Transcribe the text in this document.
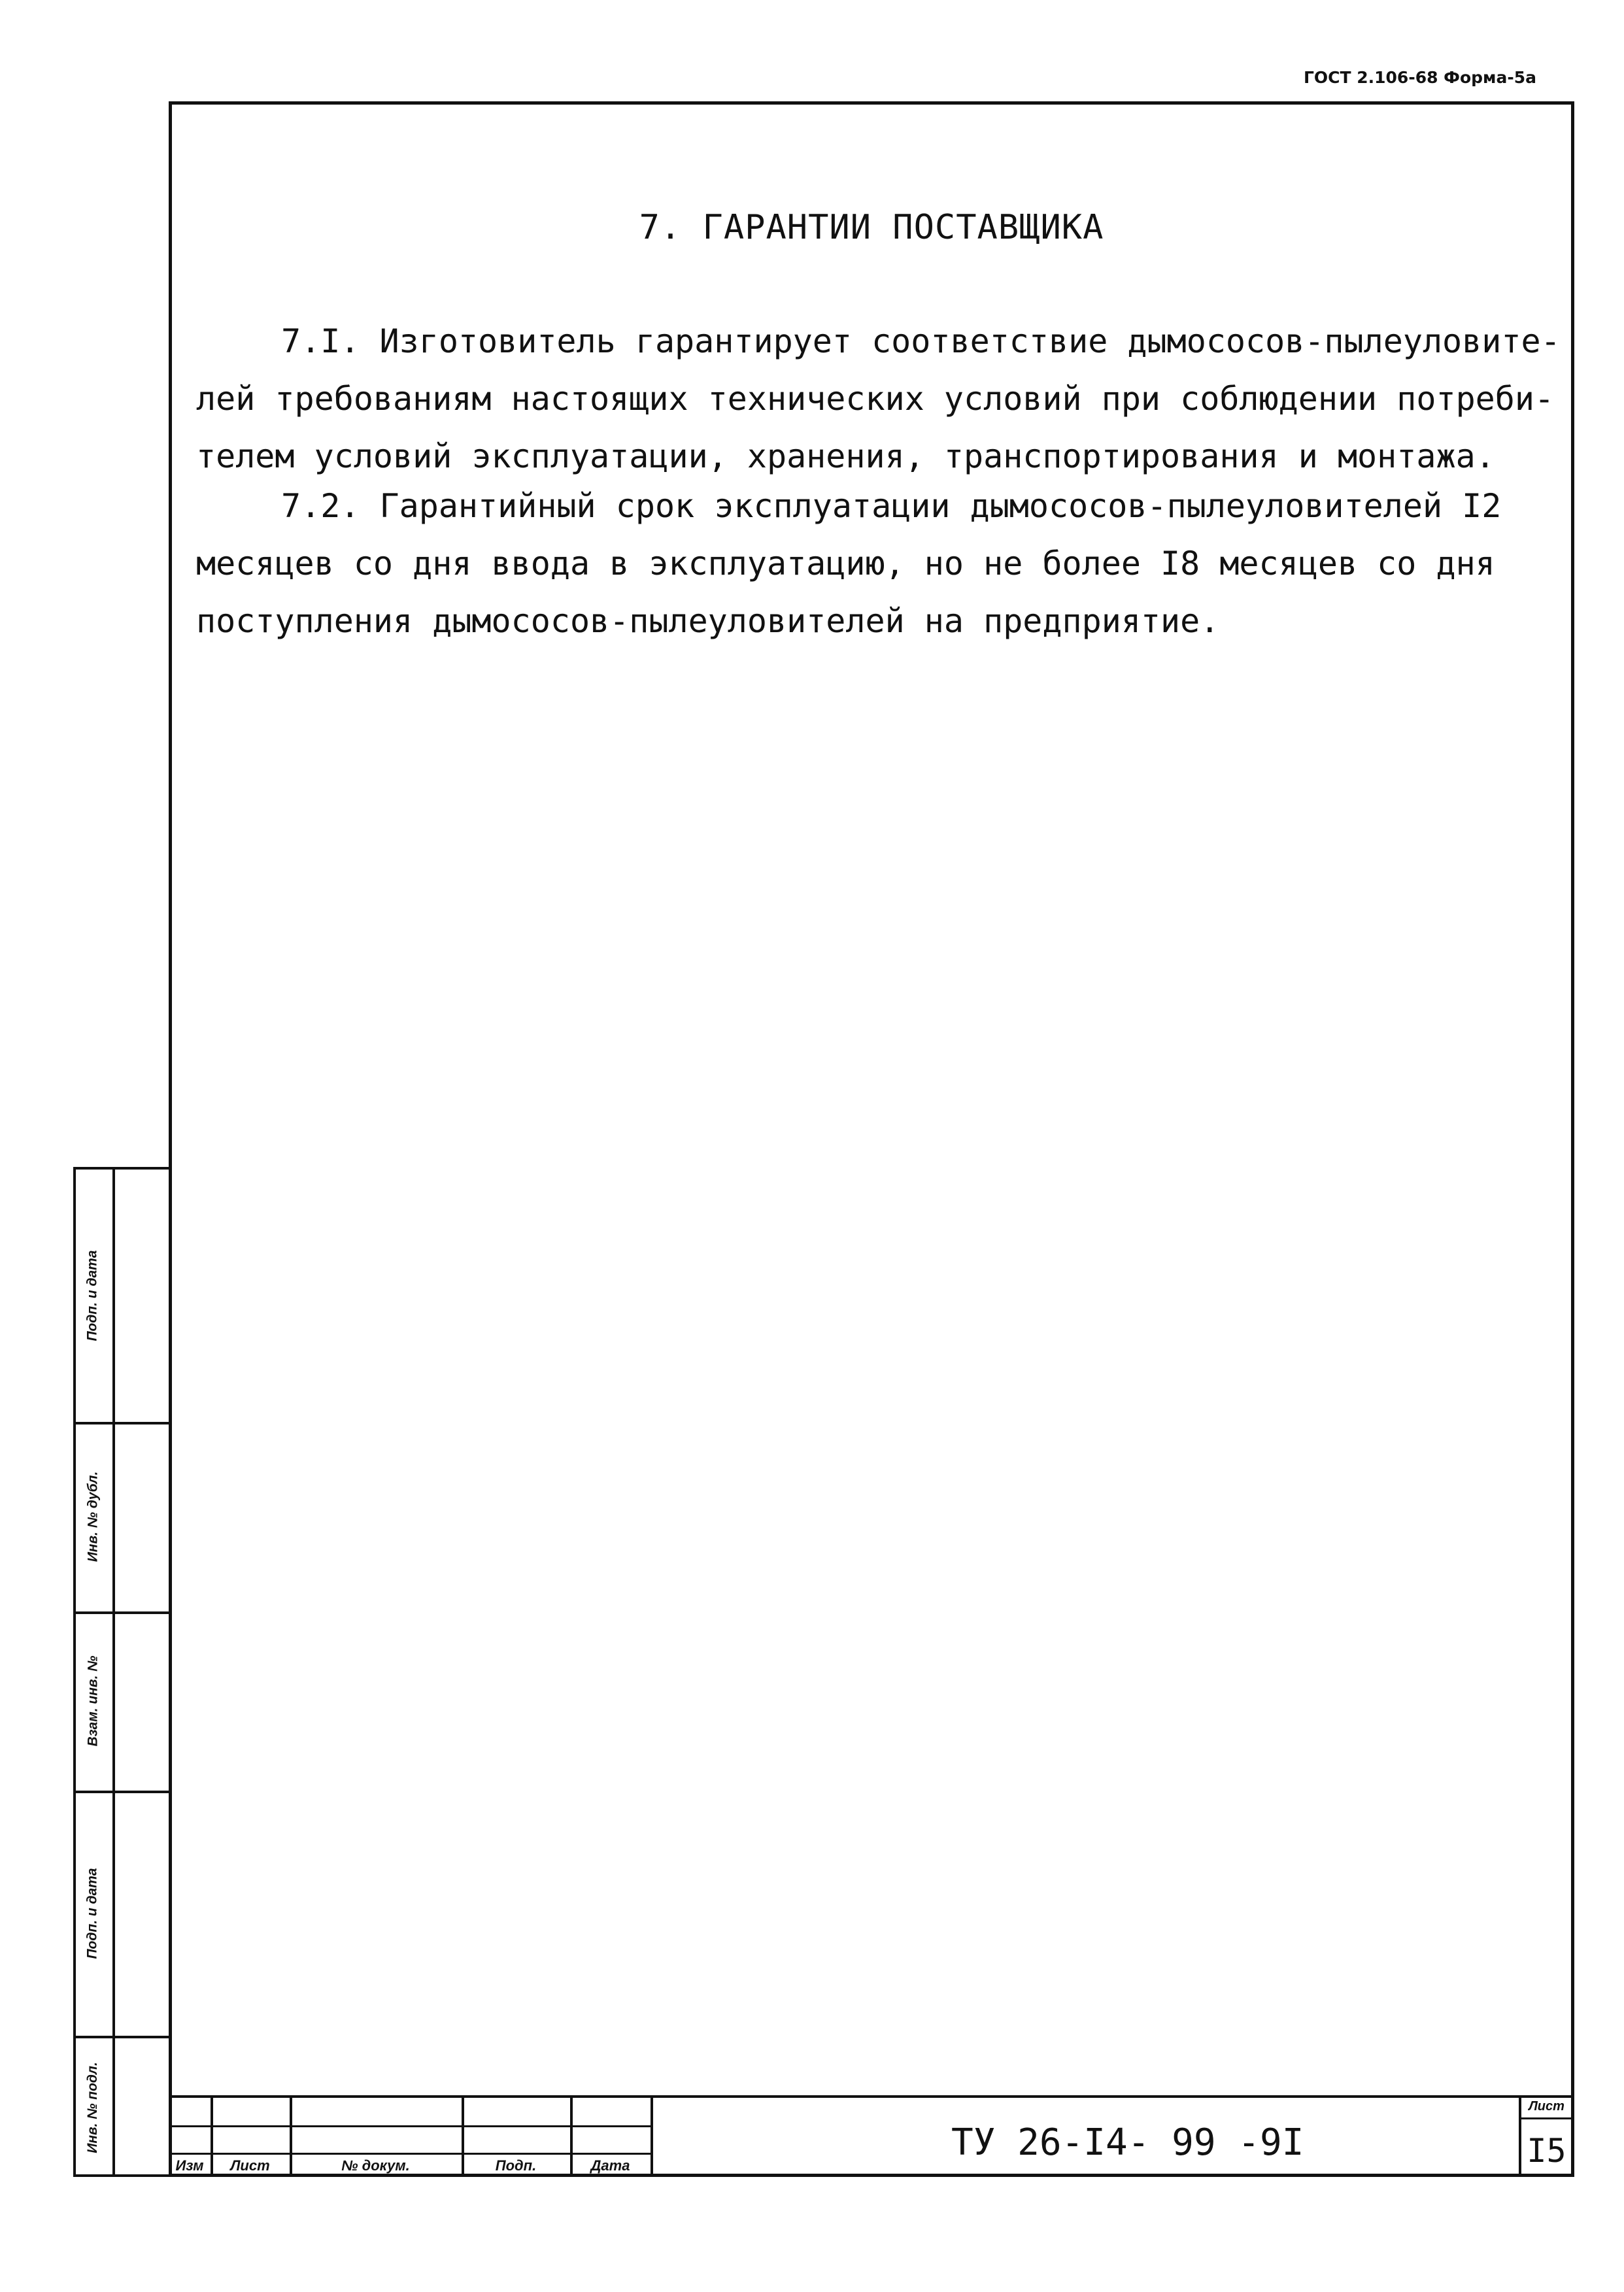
ГОСТ 2.106-68 Форма-5а
7. ГАРАНТИИ ПОСТАВЩИКА
7.I. Изготовитель гарантирует соответствие дымососов-пылеуловите-
лей требованиям настоящих технических условий при соблюдении потреби-
телем условий эксплуатации, хранения, транспортирования и монтажа.
7.2. Гарантийный срок эксплуатации дымососов-пылеуловителей I2
месяцев со дня ввода в эксплуатацию, но не более I8 месяцев со дня
поступления дымососов-пылеуловителей на предприятие.
Подп. и дата
Инв. № дубл.
Взам. инв. №
Подп. и дата
Инв. № подл.
Изм	Лист	№ докум.	Подп.	Дата
ТУ 26-I4- 99 -9I
Лист
I5
